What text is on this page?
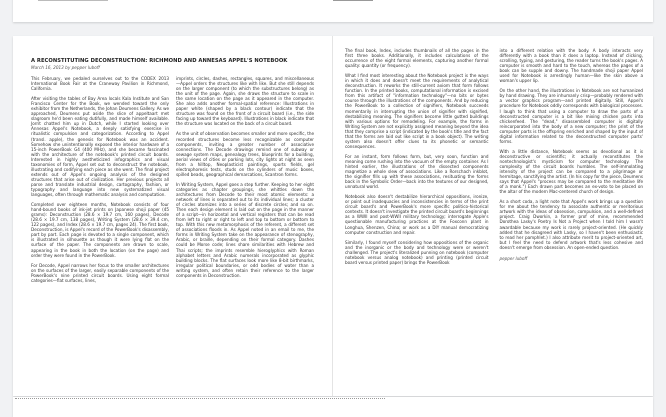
A RECONSTITUTING DECONSTRUCTION: RICHMOND AND ANNESAS APPEL'S NOTEBOOK
March 16, 2013 by pepper luboff

This February, we pedaled ourselves out to the CODEX 2013 International Book Fair at the Craneway Pavilion in Richmond, California.

After visiting the tables of Bay Area locals Kala Institute and San Francisco Center for the Book, we wended toward the only exhibitor from the Netherlands, the Johan Deumens Gallery. As we approached, Deumens put aside the slice of appeltaart met slagroom he'd been eating dutifully, and made himself available. Jorrit chatted him up in Dutch, while I started looking over Annesas Appel's Notebook, a deeply satisfying exercise in ritualistic compulsion and categorization. According to Appel (transl. apple), the genesis for Notebook was an accident. Somehow she unintentionally exposed the interior hardware of a 15-inch PowerBook G4 (400 MHz), and she became fascinated with the architecture of the notebook's printed circuit boards. Interested in highly aestheticized infographics and visual taxonomies of form, Appel set out to deconstruct the notebook, illustrating and codifying each piece as she went. The final project extends out of Appel's ongoing analysis of the designed structures that arise out of civilization. Her previous projects all parse and translate industrial design, cartography, fashion, or typography and language into new systematized visual languages, often through mathematic analysis and computation.

Completed over eighteen months, Notebook consists of four hand-bound books of ink-jet prints on Japanese shoji paper (45 grams): Deconstruction (28.6 × 19.7 cm, 160 pages), Decode (28.6 × 19.7 cm, 138 pages), Writing System (28.6 × 39.4 cm, 122 pages), and Index (28.6 × 19.7 cm, pages 24). The first book, Deconstruction, is Appel's record of the PowerBook's disassembly, part by part. Each page is devoted to a single component, which is illustrated in silhouette as though it were lying flat on the surface of the paper. The components are drawn to scale, appearing in the book in both the location (on the page) and order they were found in the PowerBook.

For Decode, Appel narrows her focus to the smaller architectures on the surfaces of the larger, easily separable components of the PowerBook's nine printed circuit boards. Using eight formal categories—flat surfaces, lines,

imprints, circles, dashes, rectangles, squares, and miscellaneous—Appel orders the structures like with like. But she still depends on the larger component (to which the substructures belong) as the unit of the page. Again, she draws the structure to scale in the same location on the page as it appeared in the computer. She also adds another formal-spatial reference: Illustrations in paper white (shaped by a black contour) indicate that the structure was found on the front of a circuit board (i.e., the side facing up toward the keyboard). Illustrations in black indicate that the structure was located on the back of a circuit board.

As the unit of observation becomes smaller and more specific, the recorded structures become less recognizable as computer components, inviting a greater number of associative connections. The Decode drawings remind one of subway or sewage system maps, genealogy trees, blueprints for a building, aerial views of cities or parking lots, city lights at night as seen from a hilltop, Neoplasticist paintings, sports fields, gel electrophoresis tests, studs on the cylinders of music boxes, spilled beads, geographical demarcations, Scantron forms.

In Writing System, Appel goes a step further. Keeping to her eight categories as chapter groupings, she whittles down the architectures from Decode to their most atomic elements: a network of lines is separated out to its individual lines; a cluster of circles atomizes into a series of discrete circles; and so on. Then each design element is laid out on the page in the manner of a script—in horizontal and vertical registers that can be read from left to right or right to left and top to bottom or bottom to top. With this new metamorphosis of the referent, a different set of associations floods in. As Appel noted in an email to me, the forms in Writing System take on the appearance of stenography, Arabic, or braille, depending on their formal category. Dashes could be Morse code; lines share similarities with Hebrew and Thai scripts; the imprints resemble hieroglyphics with Roman alphabet letters and Arabic numerals incorporated as glyphic building blocks. The flat surfaces look more like 8-bit birthmarks, irregular political boundaries, or odd bodies of water than a writing system, and often retain their reference to the larger components in Deconstruction.

The final book, Index, includes thumbnails of all the pages in the first three books. Additionally, it includes calculations of the occurrence of the eight formal elements, capturing another formal quality: quantity (or frequency).

What I find most interesting about the Notebook project is the ways in which it does and doesn't meet the requirements of analytical deconstruction. It reworks the still-current axiom that form follows function. In the printed books, computational information is excised from this artifact of "information technology"—no bits or bytes course through the illustrations of the components. And by reducing the PowerBook to a collection of signifiers, Notebook succeeds momentarily in interrupting the union of signifier with signified, destabilizing meaning. The signifiers become little gutted buildings with various options for remodeling. For example, the forms in Writing System are not explicitly assigned meaning beyond the idea that they comprise a script (indicated by the book's title and the fact that the forms are laid out like script in a book object). The writing system also doesn't offer clues to its phonetic or semantic consequences.

For an instant, form follows form, but, very soon, function and meaning come rushing into the vacuum of the empty container. As I hinted earlier, the illustrations of the dissected components magnetize a whole slew of associations. Like a Rorschach inkblot, the signifier fills up with these associations, resituating the forms back in the Symbolic Order—back into the textures of our designed, unnatural world.

Notebook also doesn't destabilize hierarchical oppositions, ironize, or point out inadequacies and inconsistencies in terms of the print circuit board's and PowerBook's more specific politico-historical contexts. It doesn't investigate the printed circuit board's beginnings as a WWII and post-WWII military technology; interrogate Apple's questionable manufacturing practices at the Foxconn plant in Longhua, Shenzen, China; or work as a DIY manual democratizing computer construction and repair.

Similarly, I found myself considering how oppositions of the organic and the inorganic or the body and technology were or weren't challenged. The project's literalized punning on notebook (computer notebook versus analog notebook) and printing (printed circuit board versus printed paper) brings the PowerBook

into a different relation with the body. A body interacts very differently with a book than it does a laptop. Instead of clicking, scrolling, typing, and gesturing, the reader turns the book's pages. A computer is smooth and hard to the touch, whereas the pages of a book can be supple and downy. The handmade shoji paper Appel used for Notebook is arrestingly human—like the skin above a woman's upper lip.

On the other hand, the illustrations in Notebook are not humanized by hand drawing. They are inhumanly crisp—probably rendered with a vector graphics program—and printed digitally. Still, Appel's procedure for Notebook oddly corresponds with biological processes. I laugh to think that using a computer to draw the parts of a deconstructed computer is a bit like mixing chicken parts into chickenfeed. The "dead," disassembled computer is digitally reincorporated into the body of a new computer; the print of the computer parts is the offspring enriched and shaped by the input of digital information related to the deconstructed computer parts' forms.

With a little distance, Notebook seems as devotional as it is deconstructive or scientific; it actually reconstitutes the nontechnologist's mysticism for computer technology. The complexity of the circuit boards humbles. The self-immolating intensity of the project can be compared to a pilgrimage or hermitage, sanctifying the artist. (In his copy for the piece, Deumens says that Appel's "process may be compared to the meditative life of a monk.") Each drawn part becomes an ex-voto to be placed on the altar of the modern Mac-centered church of design.

As a short coda, a light note that Appel's work brings up a question for me about the tendency to associate authentic or meritorious artwork with the ideas of obsession, compulsion, and a well-defined project. Craig Dworkin, a former prof of mine, recommended Dorothea Lasky's Poetry Is Not a Project when I told him I wasn't awardable because my work is rarely project-oriented. (He quickly added that he disagreed with Lasky, so I haven't been enthusiastic to read her pamphlet.) I also attribute merit to project-oriented art, but I feel the need to defend artwork that's less cohesive and doesn't emerge from obsession. An open-ended question.

pepper luboff
